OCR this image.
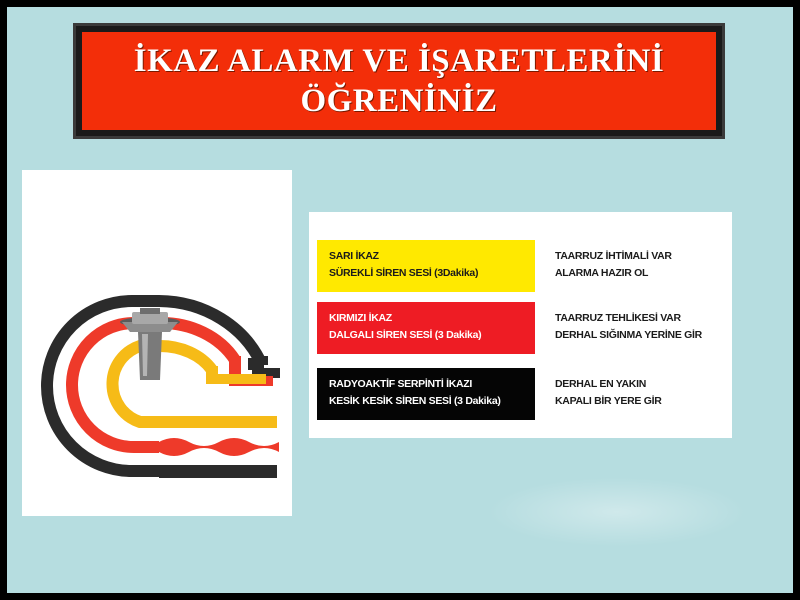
İKAZ ALARM VE İŞARETLERİNİ
ÖĞRENİNİZ
SARI İKAZ
SÜREKLİ SİREN SESİ (3Dakika)
TAARRUZ İHTİMALİ VAR
ALARMA HAZIR OL
KIRMIZI İKAZ
DALGALI SİREN SESİ (3 Dakika)
TAARRUZ TEHLİKESİ VAR
DERHAL SIĞINMA YERİNE GİR
RADYOAKTİF SERPİNTİ İKAZI
KESİK KESİK SİREN SESİ (3 Dakika)
DERHAL EN YAKIN
KAPALI BİR YERE GİR
